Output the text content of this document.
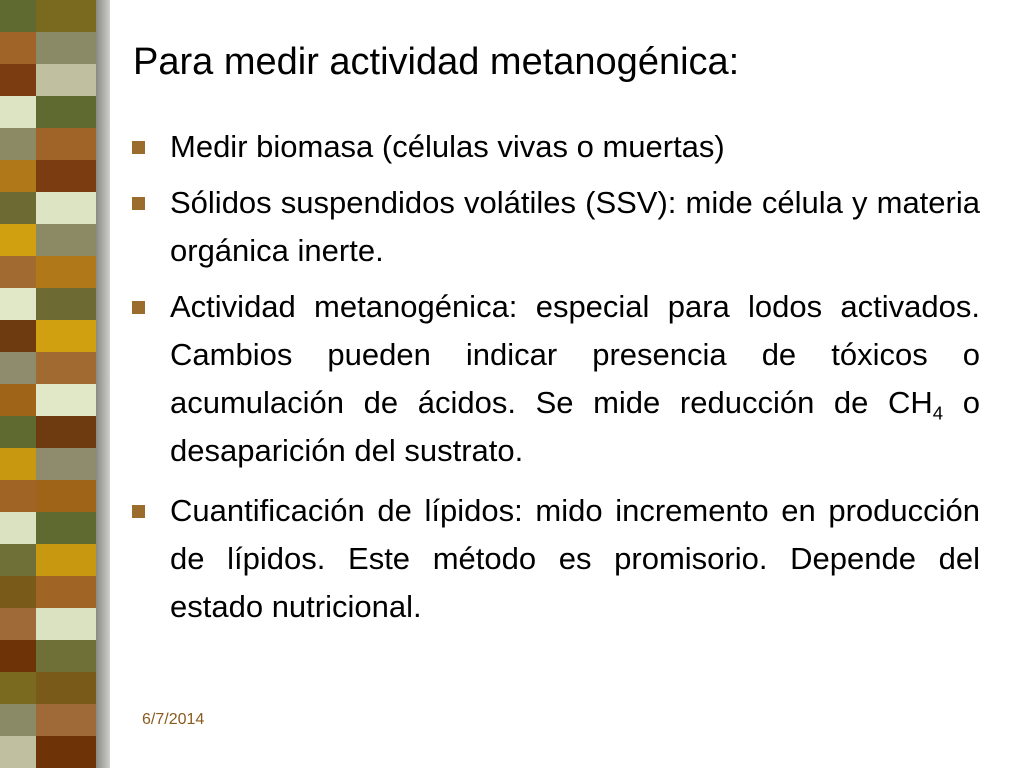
Para medir actividad metanogénica:
Medir biomasa (células vivas o muertas)
Sólidos suspendidos volátiles (SSV): mide célula y materia orgánica inerte.
Actividad metanogénica: especial para lodos activados. Cambios pueden indicar presencia de tóxicos o acumulación de ácidos. Se mide reducción de $CH_4$ o desaparición del sustrato.
Cuantificación de lípidos: mido incremento en producción de lípidos. Este método es promisorio. Depende del estado nutricional.
6/7/2014
